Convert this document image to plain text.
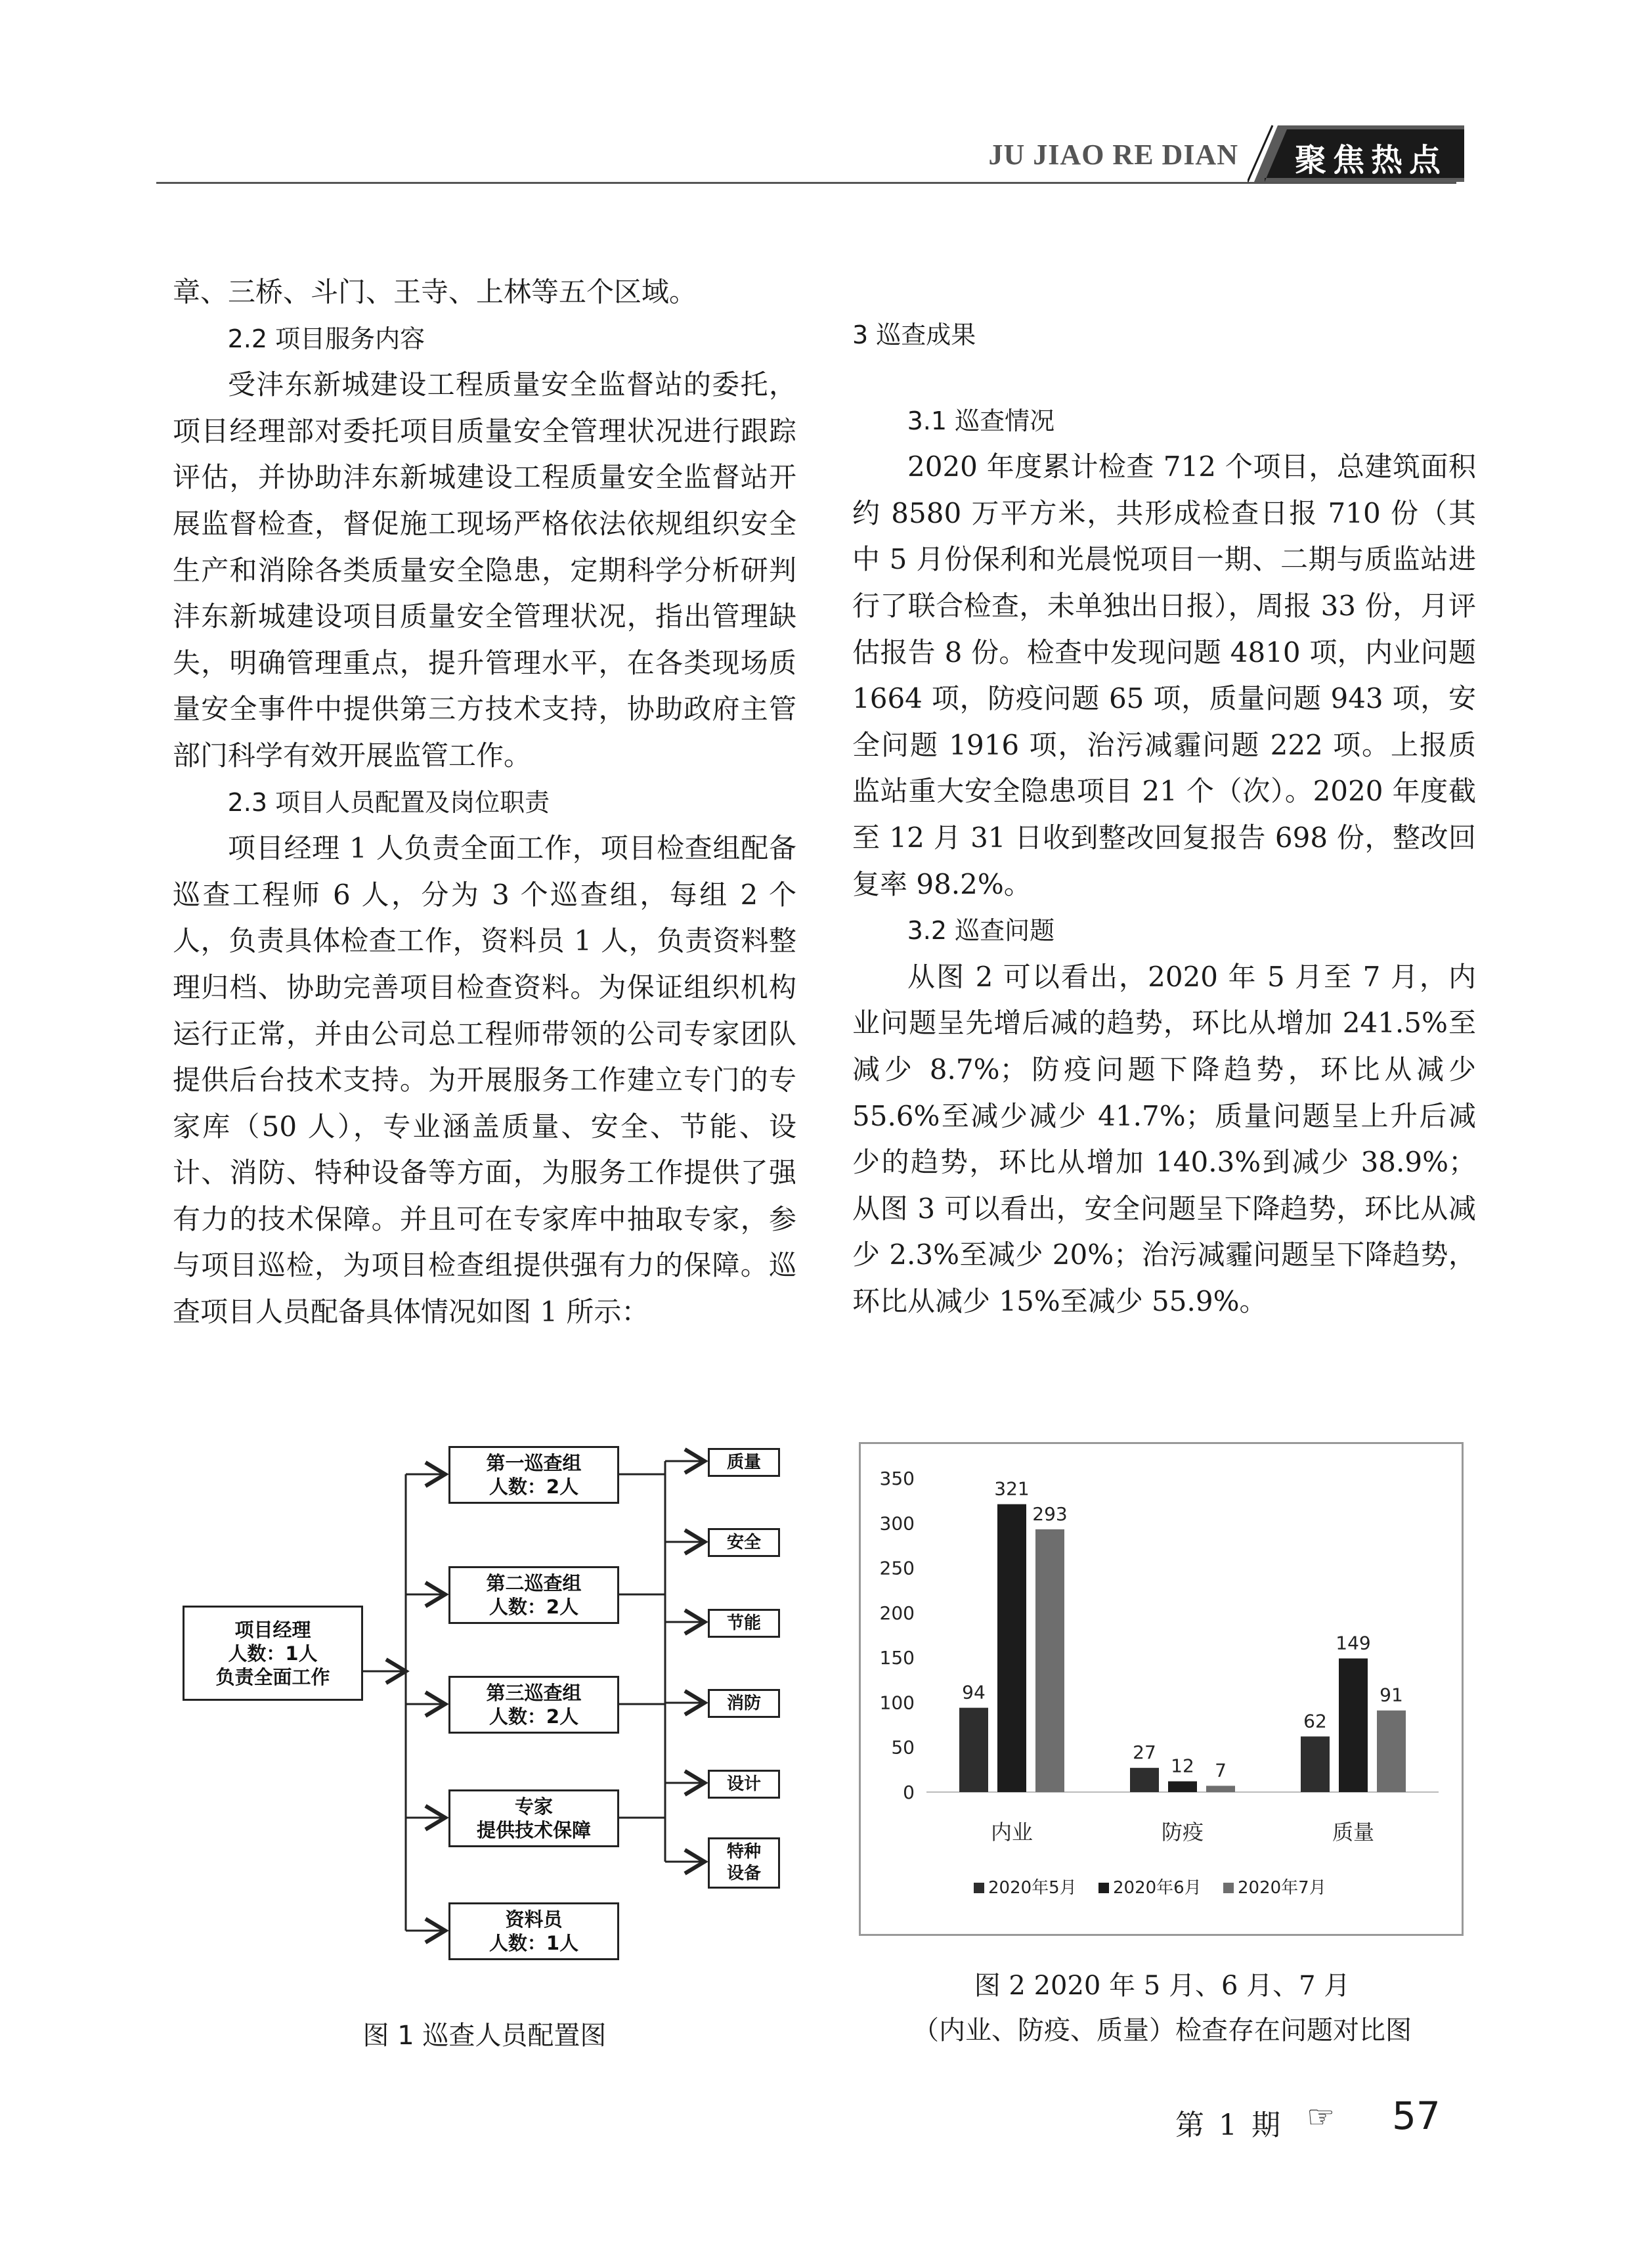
JU JIAO RE DIAN	聚焦热点

章、三桥、斗门、王寺、上林等五个区域。

2.2 项目服务内容

受沣东新城建设工程质量安全监督站的委托，项目经理部对委托项目质量安全管理状况进行跟踪评估，并协助沣东新城建设工程质量安全监督站开展监督检查，督促施工现场严格依法依规组织安全生产和消除各类质量安全隐患，定期科学分析研判沣东新城建设项目质量安全管理状况，指出管理缺失，明确管理重点，提升管理水平，在各类现场质量安全事件中提供第三方技术支持，协助政府主管部门科学有效开展监管工作。

2.3 项目人员配置及岗位职责

项目经理 1 人负责全面工作，项目检查组配备巡查工程师 6 人，分为 3 个巡查组，每组 2 个人，负责具体检查工作，资料员 1 人，负责资料整理归档、协助完善项目检查资料。为保证组织机构运行正常，并由公司总工程师带领的公司专家团队提供后台技术支持。为开展服务工作建立专门的专家库（50 人），专业涵盖质量、安全、节能、设计、消防、特种设备等方面，为服务工作提供了强有力的技术保障。并且可在专家库中抽取专家，参与项目巡检，为项目检查组提供强有力的保障。巡查项目人员配备具体情况如图 1 所示：

3 巡查成果

3.1 巡查情况

2020 年度累计检查 712 个项目，总建筑面积约 8580 万平方米，共形成检查日报 710 份（其中 5 月份保利和光晨悦项目一期、二期与质监站进行了联合检查，未单独出日报），周报 33 份，月评估报告 8 份。检查中发现问题 4810 项，内业问题 1664 项，防疫问题 65 项，质量问题 943 项，安全问题 1916 项，治污减霾问题 222 项。上报质监站重大安全隐患项目 21 个（次）。2020 年度截至 12 月 31 日收到整改回复报告 698 份，整改回复率 98.2%。

3.2 巡查问题

从图 2 可以看出，2020 年 5 月至 7 月，内业问题呈先增后减的趋势，环比从增加 241.5%至减少 8.7%；防疫问题下降趋势，环比从减少 55.6%至减少减少 41.7%；质量问题呈上升后减少的趋势，环比从增加 140.3%到减少 38.9%；从图 3 可以看出，安全问题呈下降趋势，环比从减少 2.3%至减少 20%；治污减霾问题呈下降趋势，环比从减少 15%至减少 55.9%。

项目经理
人数：1人
负责全面工作
第一巡查组
人数：2人
第二巡查组
人数：2人
第三巡查组
人数：2人
专家
提供技术保障
资料员
人数：1人
质量
安全
节能
消防
设计
特种设备
图 1 巡查人员配置图
0
50
100
150
200
250
300
350
94
321
293
内业
27
12 7
防疫
62
149
91
质量
2020年5月 2020年6月 2020年7月
图 2 2020 年 5 月、6 月、7 月
（内业、防疫、质量）检查存在问题对比图
第 1 期 ☞ 57
